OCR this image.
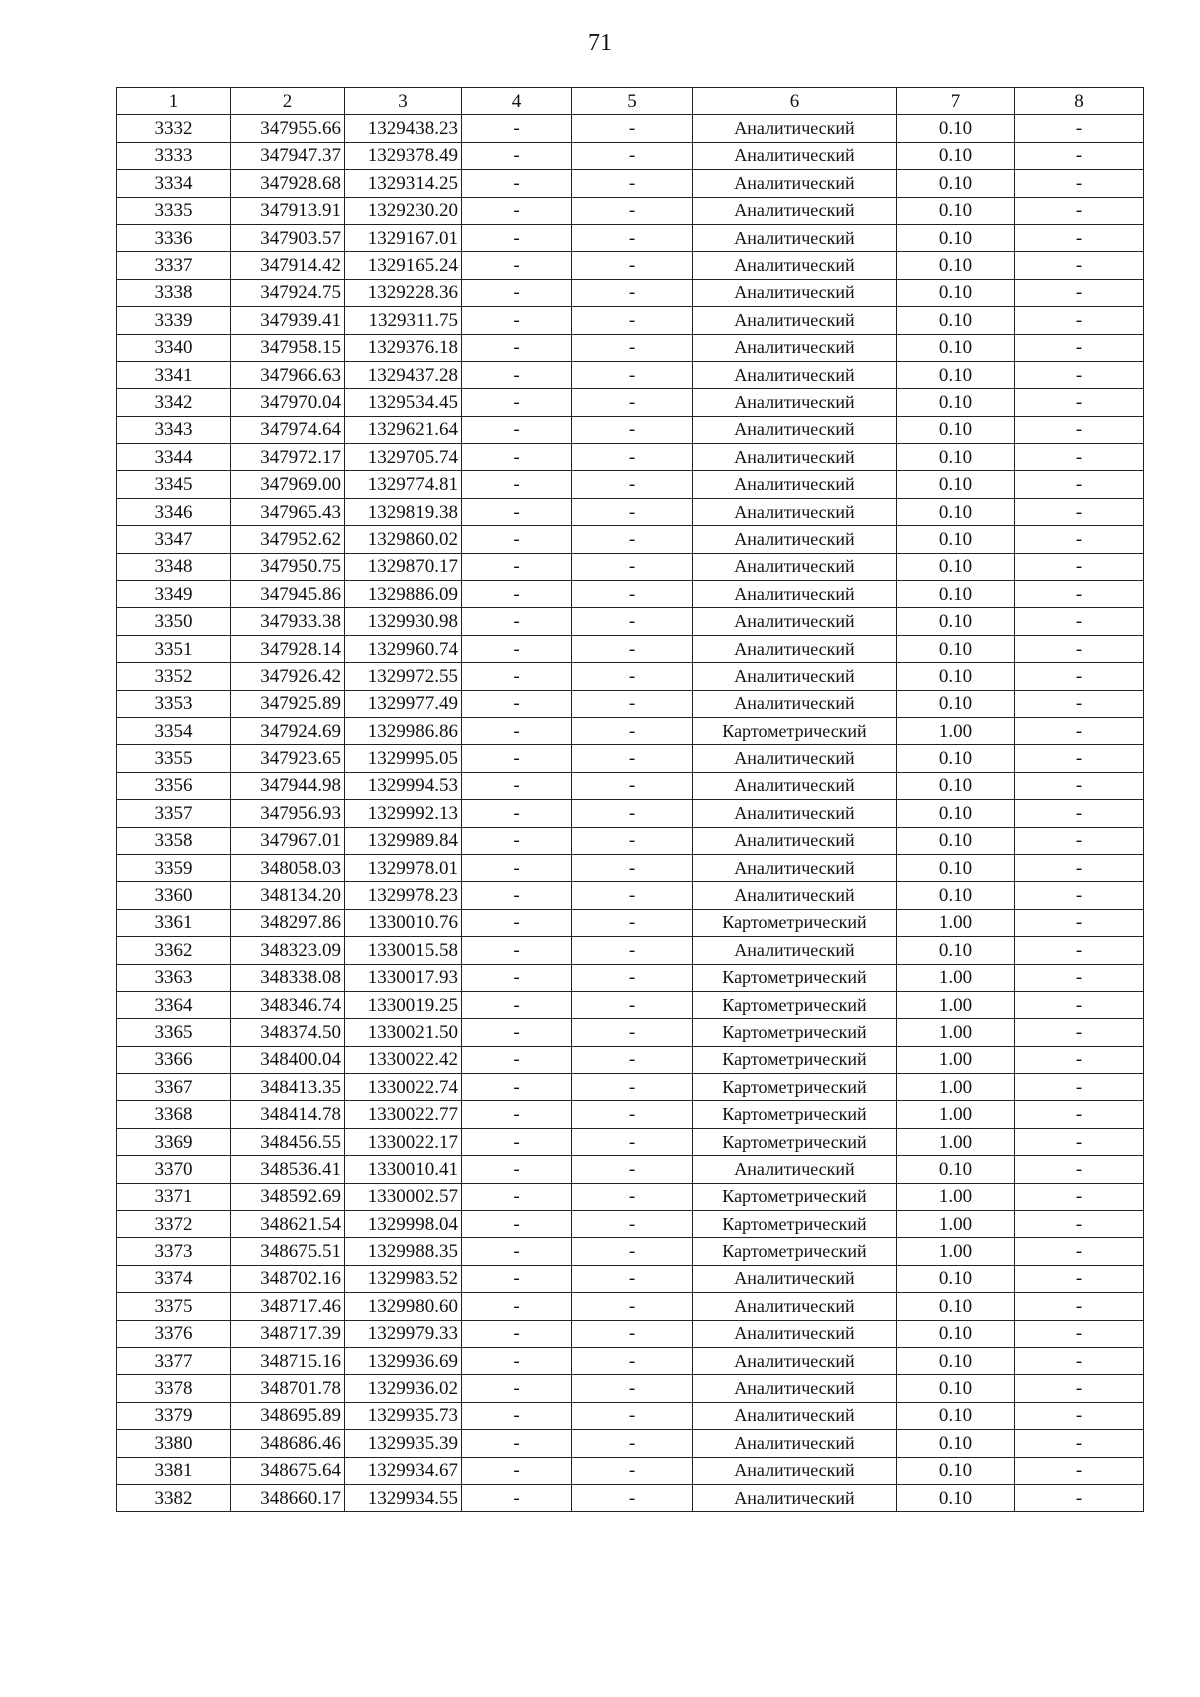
71
1	2	3	4	5	6	7	8
3332	347955.66	1329438.23	-	-	Аналитический	0.10	-
3333	347947.37	1329378.49	-	-	Аналитический	0.10	-
3334	347928.68	1329314.25	-	-	Аналитический	0.10	-
3335	347913.91	1329230.20	-	-	Аналитический	0.10	-
3336	347903.57	1329167.01	-	-	Аналитический	0.10	-
3337	347914.42	1329165.24	-	-	Аналитический	0.10	-
3338	347924.75	1329228.36	-	-	Аналитический	0.10	-
3339	347939.41	1329311.75	-	-	Аналитический	0.10	-
3340	347958.15	1329376.18	-	-	Аналитический	0.10	-
3341	347966.63	1329437.28	-	-	Аналитический	0.10	-
3342	347970.04	1329534.45	-	-	Аналитический	0.10	-
3343	347974.64	1329621.64	-	-	Аналитический	0.10	-
3344	347972.17	1329705.74	-	-	Аналитический	0.10	-
3345	347969.00	1329774.81	-	-	Аналитический	0.10	-
3346	347965.43	1329819.38	-	-	Аналитический	0.10	-
3347	347952.62	1329860.02	-	-	Аналитический	0.10	-
3348	347950.75	1329870.17	-	-	Аналитический	0.10	-
3349	347945.86	1329886.09	-	-	Аналитический	0.10	-
3350	347933.38	1329930.98	-	-	Аналитический	0.10	-
3351	347928.14	1329960.74	-	-	Аналитический	0.10	-
3352	347926.42	1329972.55	-	-	Аналитический	0.10	-
3353	347925.89	1329977.49	-	-	Аналитический	0.10	-
3354	347924.69	1329986.86	-	-	Картометрический	1.00	-
3355	347923.65	1329995.05	-	-	Аналитический	0.10	-
3356	347944.98	1329994.53	-	-	Аналитический	0.10	-
3357	347956.93	1329992.13	-	-	Аналитический	0.10	-
3358	347967.01	1329989.84	-	-	Аналитический	0.10	-
3359	348058.03	1329978.01	-	-	Аналитический	0.10	-
3360	348134.20	1329978.23	-	-	Аналитический	0.10	-
3361	348297.86	1330010.76	-	-	Картометрический	1.00	-
3362	348323.09	1330015.58	-	-	Аналитический	0.10	-
3363	348338.08	1330017.93	-	-	Картометрический	1.00	-
3364	348346.74	1330019.25	-	-	Картометрический	1.00	-
3365	348374.50	1330021.50	-	-	Картометрический	1.00	-
3366	348400.04	1330022.42	-	-	Картометрический	1.00	-
3367	348413.35	1330022.74	-	-	Картометрический	1.00	-
3368	348414.78	1330022.77	-	-	Картометрический	1.00	-
3369	348456.55	1330022.17	-	-	Картометрический	1.00	-
3370	348536.41	1330010.41	-	-	Аналитический	0.10	-
3371	348592.69	1330002.57	-	-	Картометрический	1.00	-
3372	348621.54	1329998.04	-	-	Картометрический	1.00	-
3373	348675.51	1329988.35	-	-	Картометрический	1.00	-
3374	348702.16	1329983.52	-	-	Аналитический	0.10	-
3375	348717.46	1329980.60	-	-	Аналитический	0.10	-
3376	348717.39	1329979.33	-	-	Аналитический	0.10	-
3377	348715.16	1329936.69	-	-	Аналитический	0.10	-
3378	348701.78	1329936.02	-	-	Аналитический	0.10	-
3379	348695.89	1329935.73	-	-	Аналитический	0.10	-
3380	348686.46	1329935.39	-	-	Аналитический	0.10	-
3381	348675.64	1329934.67	-	-	Аналитический	0.10	-
3382	348660.17	1329934.55	-	-	Аналитический	0.10	-
